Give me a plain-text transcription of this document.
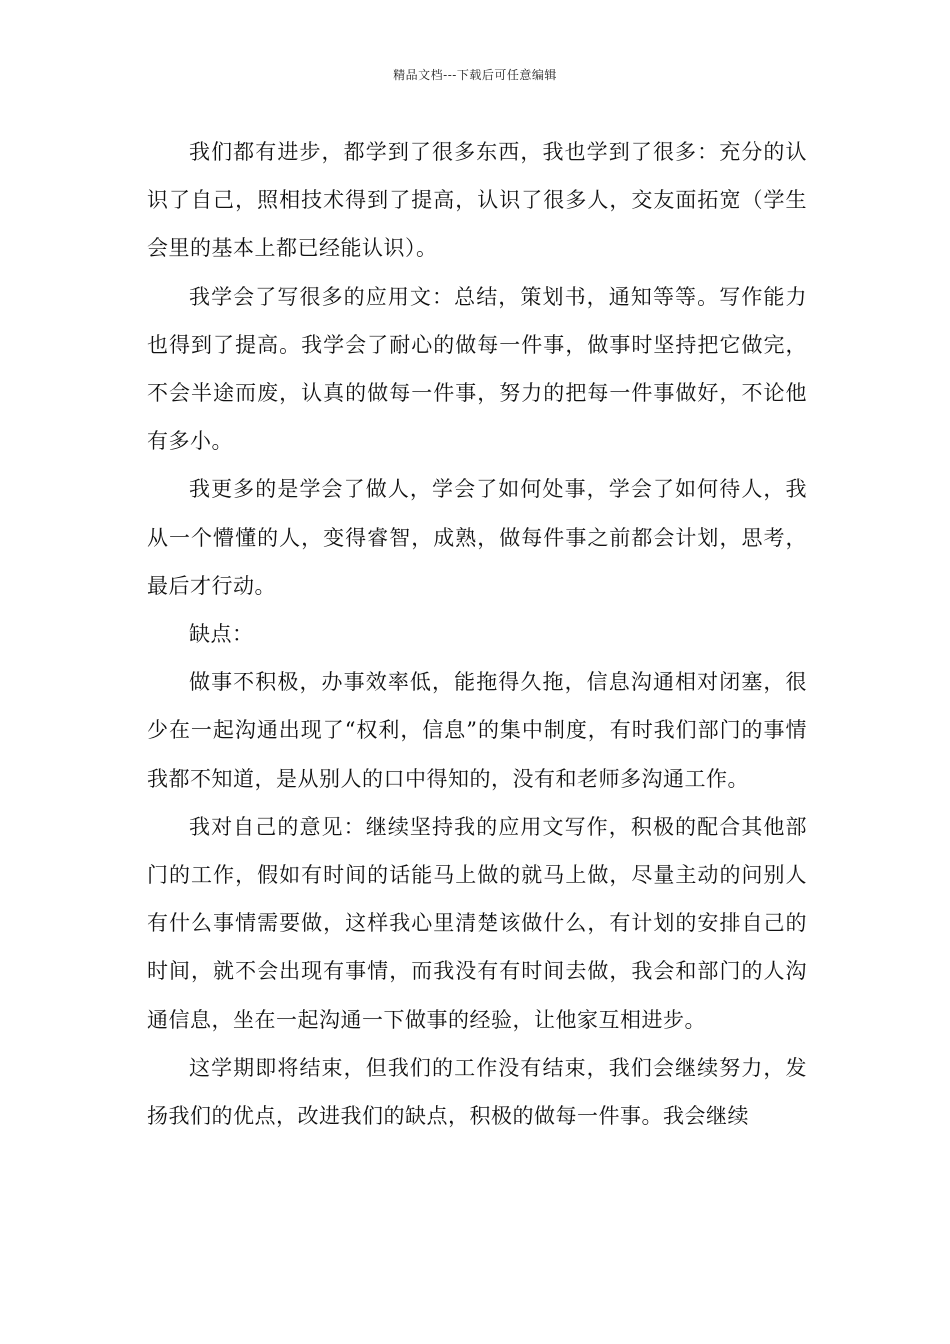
精品文档---下载后可任意编辑

我们都有进步，都学到了很多东西，我也学到了很多：充分的认识了自己，照相技术得到了提高，认识了很多人，交友面拓宽（学生会里的基本上都已经能认识）。

我学会了写很多的应用文：总结，策划书，通知等等。写作能力也得到了提高。我学会了耐心的做每一件事，做事时坚持把它做完，不会半途而废，认真的做每一件事，努力的把每一件事做好，不论他有多小。

我更多的是学会了做人，学会了如何处事，学会了如何待人，我从一个懵懂的人，变得睿智，成熟，做每件事之前都会计划，思考，最后才行动。

缺点：

做事不积极，办事效率低，能拖得久拖，信息沟通相对闭塞，很少在一起沟通出现了“权利，信息”的集中制度，有时我们部门的事情我都不知道，是从别人的口中得知的，没有和老师多沟通工作。

我对自己的意见：继续坚持我的应用文写作，积极的配合其他部门的工作，假如有时间的话能马上做的就马上做，尽量主动的问别人有什么事情需要做，这样我心里清楚该做什么，有计划的安排自己的时间，就不会出现有事情，而我没有有时间去做，我会和部门的人沟通信息，坐在一起沟通一下做事的经验，让他家互相进步。

这学期即将结束，但我们的工作没有结束，我们会继续努力，发扬我们的优点，改进我们的缺点，积极的做每一件事。我会继续
